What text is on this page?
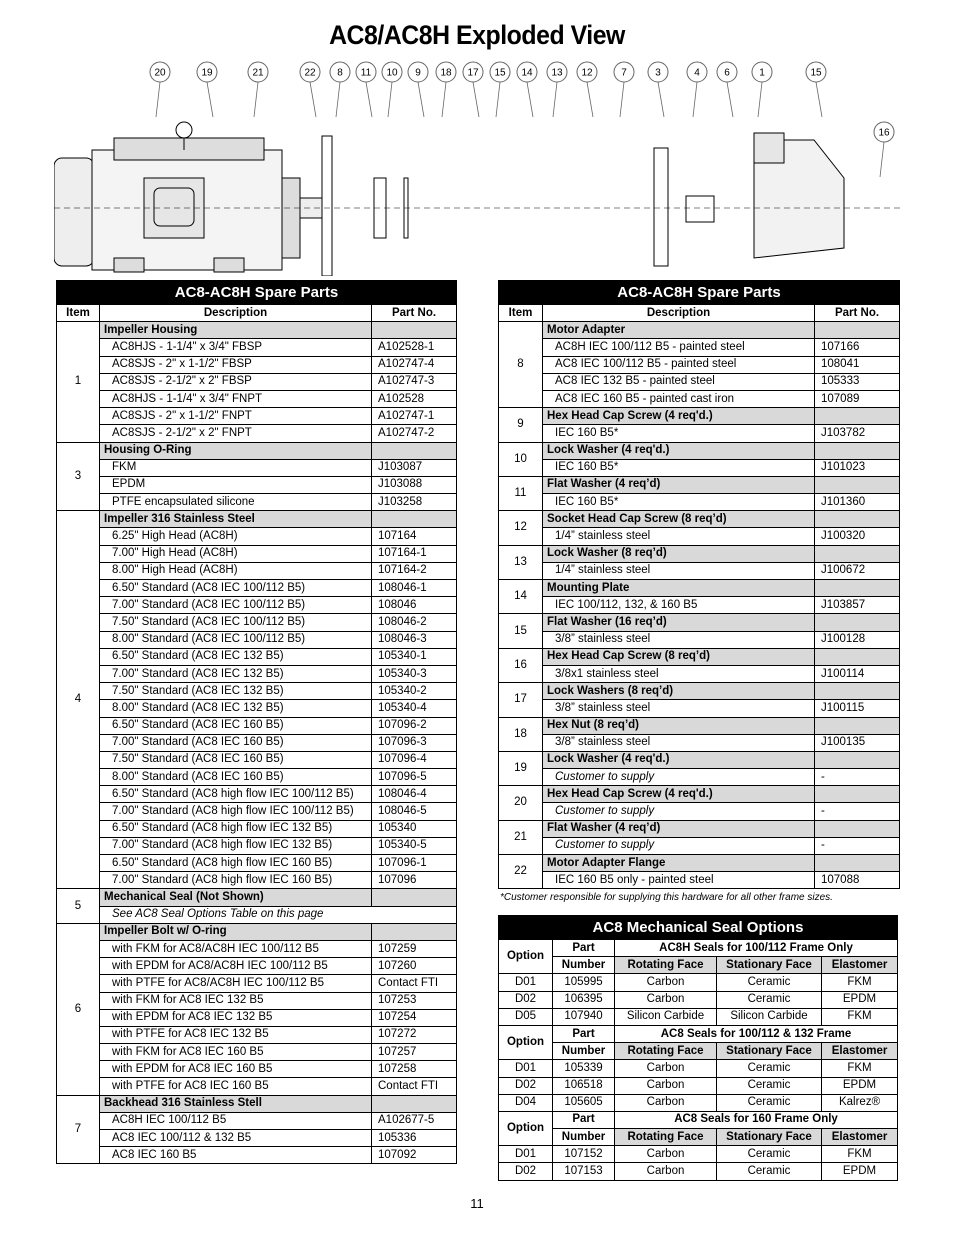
AC8/AC8H Exploded View
20	19	21	22 8 11 10 9 18 17 15 14 13 12	7	3	4 6	1	15
16
AC8-AC8H Spare Parts		
Item	Description	Part No.
1	Impeller Housing	
	AC8HJS - 1-1/4" x 3/4" FBSP	A102528-1
	AC8SJS - 2" x 1-1/2" FBSP	A102747-4
	AC8SJS - 2-1/2" x 2" FBSP	A102747-3
	AC8HJS - 1-1/4" x 3/4" FNPT	A102528
	AC8SJS - 2" x 1-1/2" FNPT	A102747-1
	AC8SJS - 2-1/2" x 2" FNPT	A102747-2
3	Housing O-Ring	
	FKM	J103087
	EPDM	J103088
	PTFE encapsulated silicone	J103258
4	Impeller 316 Stainless Steel	
	6.25" High Head (AC8H)	107164
	7.00" High Head (AC8H)	107164-1
	8.00" High Head (AC8H)	107164-2
	6.50" Standard (AC8 IEC 100/112 B5)	108046-1
	7.00" Standard (AC8 IEC 100/112 B5)	108046
	7.50" Standard (AC8 IEC 100/112 B5)	108046-2
	8.00" Standard (AC8 IEC 100/112 B5)	108046-3
	6.50" Standard (AC8 IEC 132 B5)	105340-1
	7.00" Standard (AC8 IEC 132 B5)	105340-3
	7.50" Standard (AC8 IEC 132 B5)	105340-2
	8.00" Standard (AC8 IEC 132 B5)	105340-4
	6.50" Standard (AC8 IEC 160 B5)	107096-2
	7.00" Standard (AC8 IEC 160 B5)	107096-3
	7.50" Standard (AC8 IEC 160 B5)	107096-4
	8.00" Standard (AC8 IEC 160 B5)	107096-5
	6.50" Standard (AC8 high flow IEC 100/112 B5)	108046-4
	7.00" Standard (AC8 high flow IEC 100/112 B5)	108046-5
	6.50" Standard (AC8 high flow IEC 132 B5)	105340
	7.00" Standard (AC8 high flow IEC 132 B5)	105340-5
	6.50" Standard (AC8 high flow IEC 160 B5)	107096-1
	7.00" Standard (AC8 high flow IEC 160 B5)	107096
5	Mechanical Seal (Not Shown)	
	See AC8 Seal Options Table on this page	
6	Impeller Bolt w/ O-ring	
	with FKM for AC8/AC8H IEC 100/112 B5	107259
	with EPDM for AC8/AC8H IEC 100/112 B5	107260
	with PTFE for AC8/AC8H IEC 100/112 B5	Contact FTI
	with FKM for AC8 IEC 132 B5	107253
	with EPDM for AC8 IEC 132 B5	107254
	with PTFE for AC8 IEC 132 B5	107272
	with FKM for AC8 IEC 160 B5	107257
	with EPDM for AC8 IEC 160 B5	107258
	with PTFE for AC8 IEC 160 B5	Contact FTI
7	Backhead 316 Stainless Stell	
	AC8H IEC 100/112 B5	A102677-5
	AC8 IEC 100/112 & 132 B5	105336
	AC8 IEC 160 B5	107092
AC8-AC8H Spare Parts		
Item	Description	Part No.
8	Motor Adapter	
	AC8H IEC 100/112 B5 - painted steel	107166
	AC8 IEC 100/112 B5 - painted steel	108041
	AC8 IEC 132 B5 - painted steel	105333
	AC8 IEC 160 B5 - painted cast iron	107089
9	Hex Head Cap Screw (4 req'd.)	
	IEC 160 B5*	J103782
10	Lock Washer (4 req'd.)	
	IEC 160 B5*	J101023
11	Flat Washer (4 req’d)	
	IEC 160 B5*	J101360
12	Socket Head Cap Screw (8 req’d)	
	1/4” stainless steel	J100320
13	Lock Washer (8 req’d)	
	1/4” stainless steel	J100672
14	Mounting Plate	
	IEC 100/112, 132, & 160 B5	J103857
15	Flat Washer (16 req’d)	
	3/8” stainless steel	J100128
16	Hex Head Cap Screw (8 req’d)	
	3/8x1 stainless steel	J100114
17	Lock Washers (8 req’d)	
	3/8” stainless steel	J100115
18	Hex Nut (8 req’d)	
	3/8” stainless steel	J100135
19	Lock Washer (4 req'd.)	
	Customer to supply	-
20	Hex Head Cap Screw (4 req'd.)	
	Customer to supply	-
21	Flat Washer (4 req’d)	
	Customer to supply	-
22	Motor Adapter Flange	
	IEC 160 B5 only - painted steel	107088
*Customer responsible for supplying this hardware for all other frame sizes.
AC8 Mechanical Seal Options				
Option	Part	AC8H Seals for 100/112 Frame Only		
	Number	Rotating Face	Stationary Face	Elastomer
D01	105995	Carbon	Ceramic	FKM
D02	106395	Carbon	Ceramic	EPDM
D05	107940	Silicon Carbide	Silicon Carbide	FKM
Option	Part	AC8 Seals for 100/112 & 132 Frame		
	Number	Rotating Face	Stationary Face	Elastomer
D01	105339	Carbon	Ceramic	FKM
D02	106518	Carbon	Ceramic	EPDM
D04	105605	Carbon	Ceramic	Kalrez®
Option	Part	AC8 Seals for 160 Frame Only		
	Number	Rotating Face	Stationary Face	Elastomer
D01	107152	Carbon	Ceramic	FKM
D02	107153	Carbon	Ceramic	EPDM
11
